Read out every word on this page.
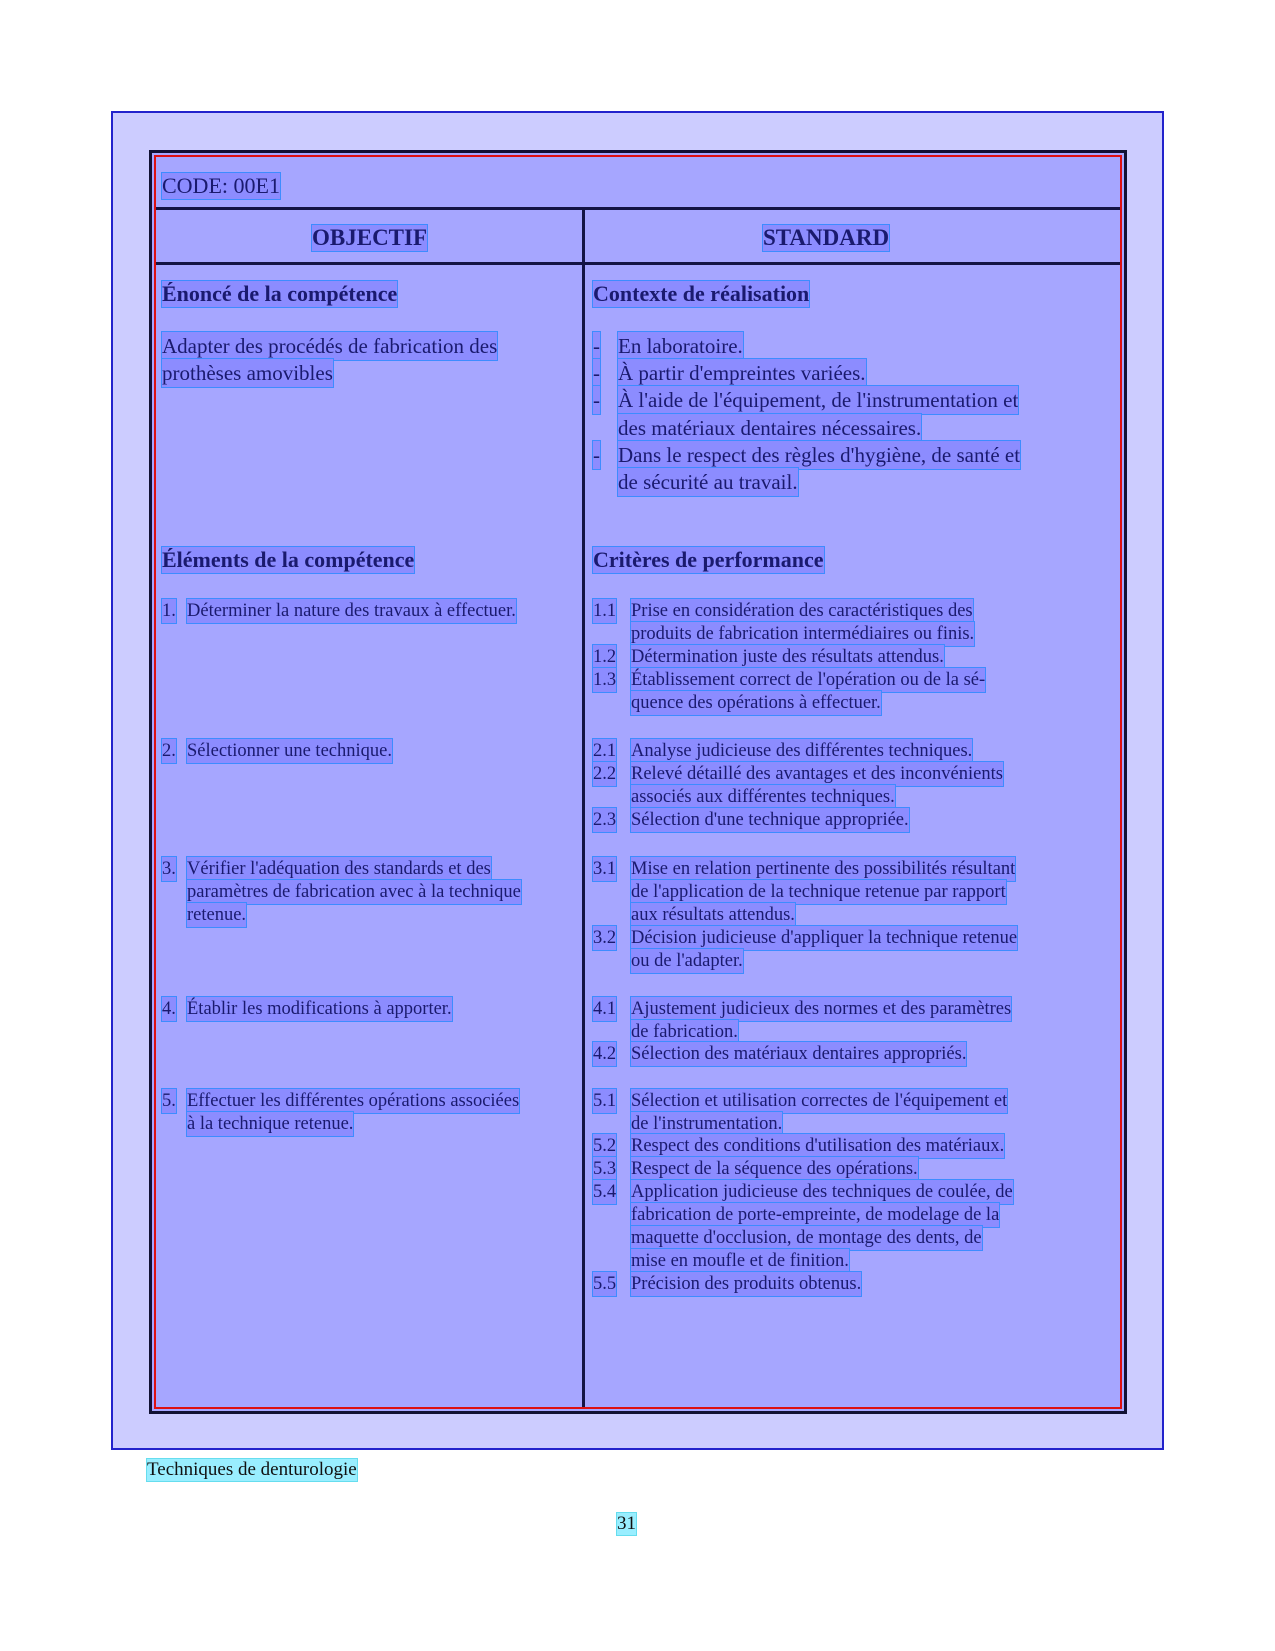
CODE: 00E1
OBJECTIF	STANDARD
Énoncé de la compétence
Adapter des procédés de fabrication des
prothèses amovibles
Contexte de réalisation
Éléments de la compétence	Critères de performance
- En laboratoire.
- À partir d'empreintes variées.
- À l'aide de l'équipement, de l'instrumentation et
des matériaux dentaires nécessaires.
- Dans le respect des règles d'hygiène, de santé et
de sécurité au travail.
1. Déterminer la nature des travaux à effectuer.
2. Sélectionner une technique.
3. Vérifier l'adéquation des standards et des
paramètres de fabrication avec à la technique
retenue.
4. Établir les modifications à apporter.
5. Effectuer les différentes opérations associées
à la technique retenue.
1.1 Prise en considération des caractéristiques des
produits de fabrication intermédiaires ou finis.
1.2 Détermination juste des résultats attendus.
1.3 Établissement correct de l'opération ou de la sé-
quence des opérations à effectuer.
2.1 Analyse judicieuse des différentes techniques.
2.2 Relevé détaillé des avantages et des inconvénients
associés aux différentes techniques.
2.3 Sélection d'une technique appropriée.
3.1 Mise en relation pertinente des possibilités résultant
de l'application de la technique retenue par rapport
aux résultats attendus.
3.2 Décision judicieuse d'appliquer la technique retenue
ou de l'adapter.
4.1 Ajustement judicieux des normes et des paramètres
de fabrication.
4.2 Sélection des matériaux dentaires appropriés.
5.1 Sélection et utilisation correctes de l'équipement et
de l'instrumentation.
5.2 Respect des conditions d'utilisation des matériaux.
5.3 Respect de la séquence des opérations.
5.4 Application judicieuse des techniques de coulée, de
fabrication de porte-empreinte, de modelage de la
maquette d'occlusion, de montage des dents, de
mise en moufle et de finition.
5.5 Précision des produits obtenus.
Techniques de denturologie
31
